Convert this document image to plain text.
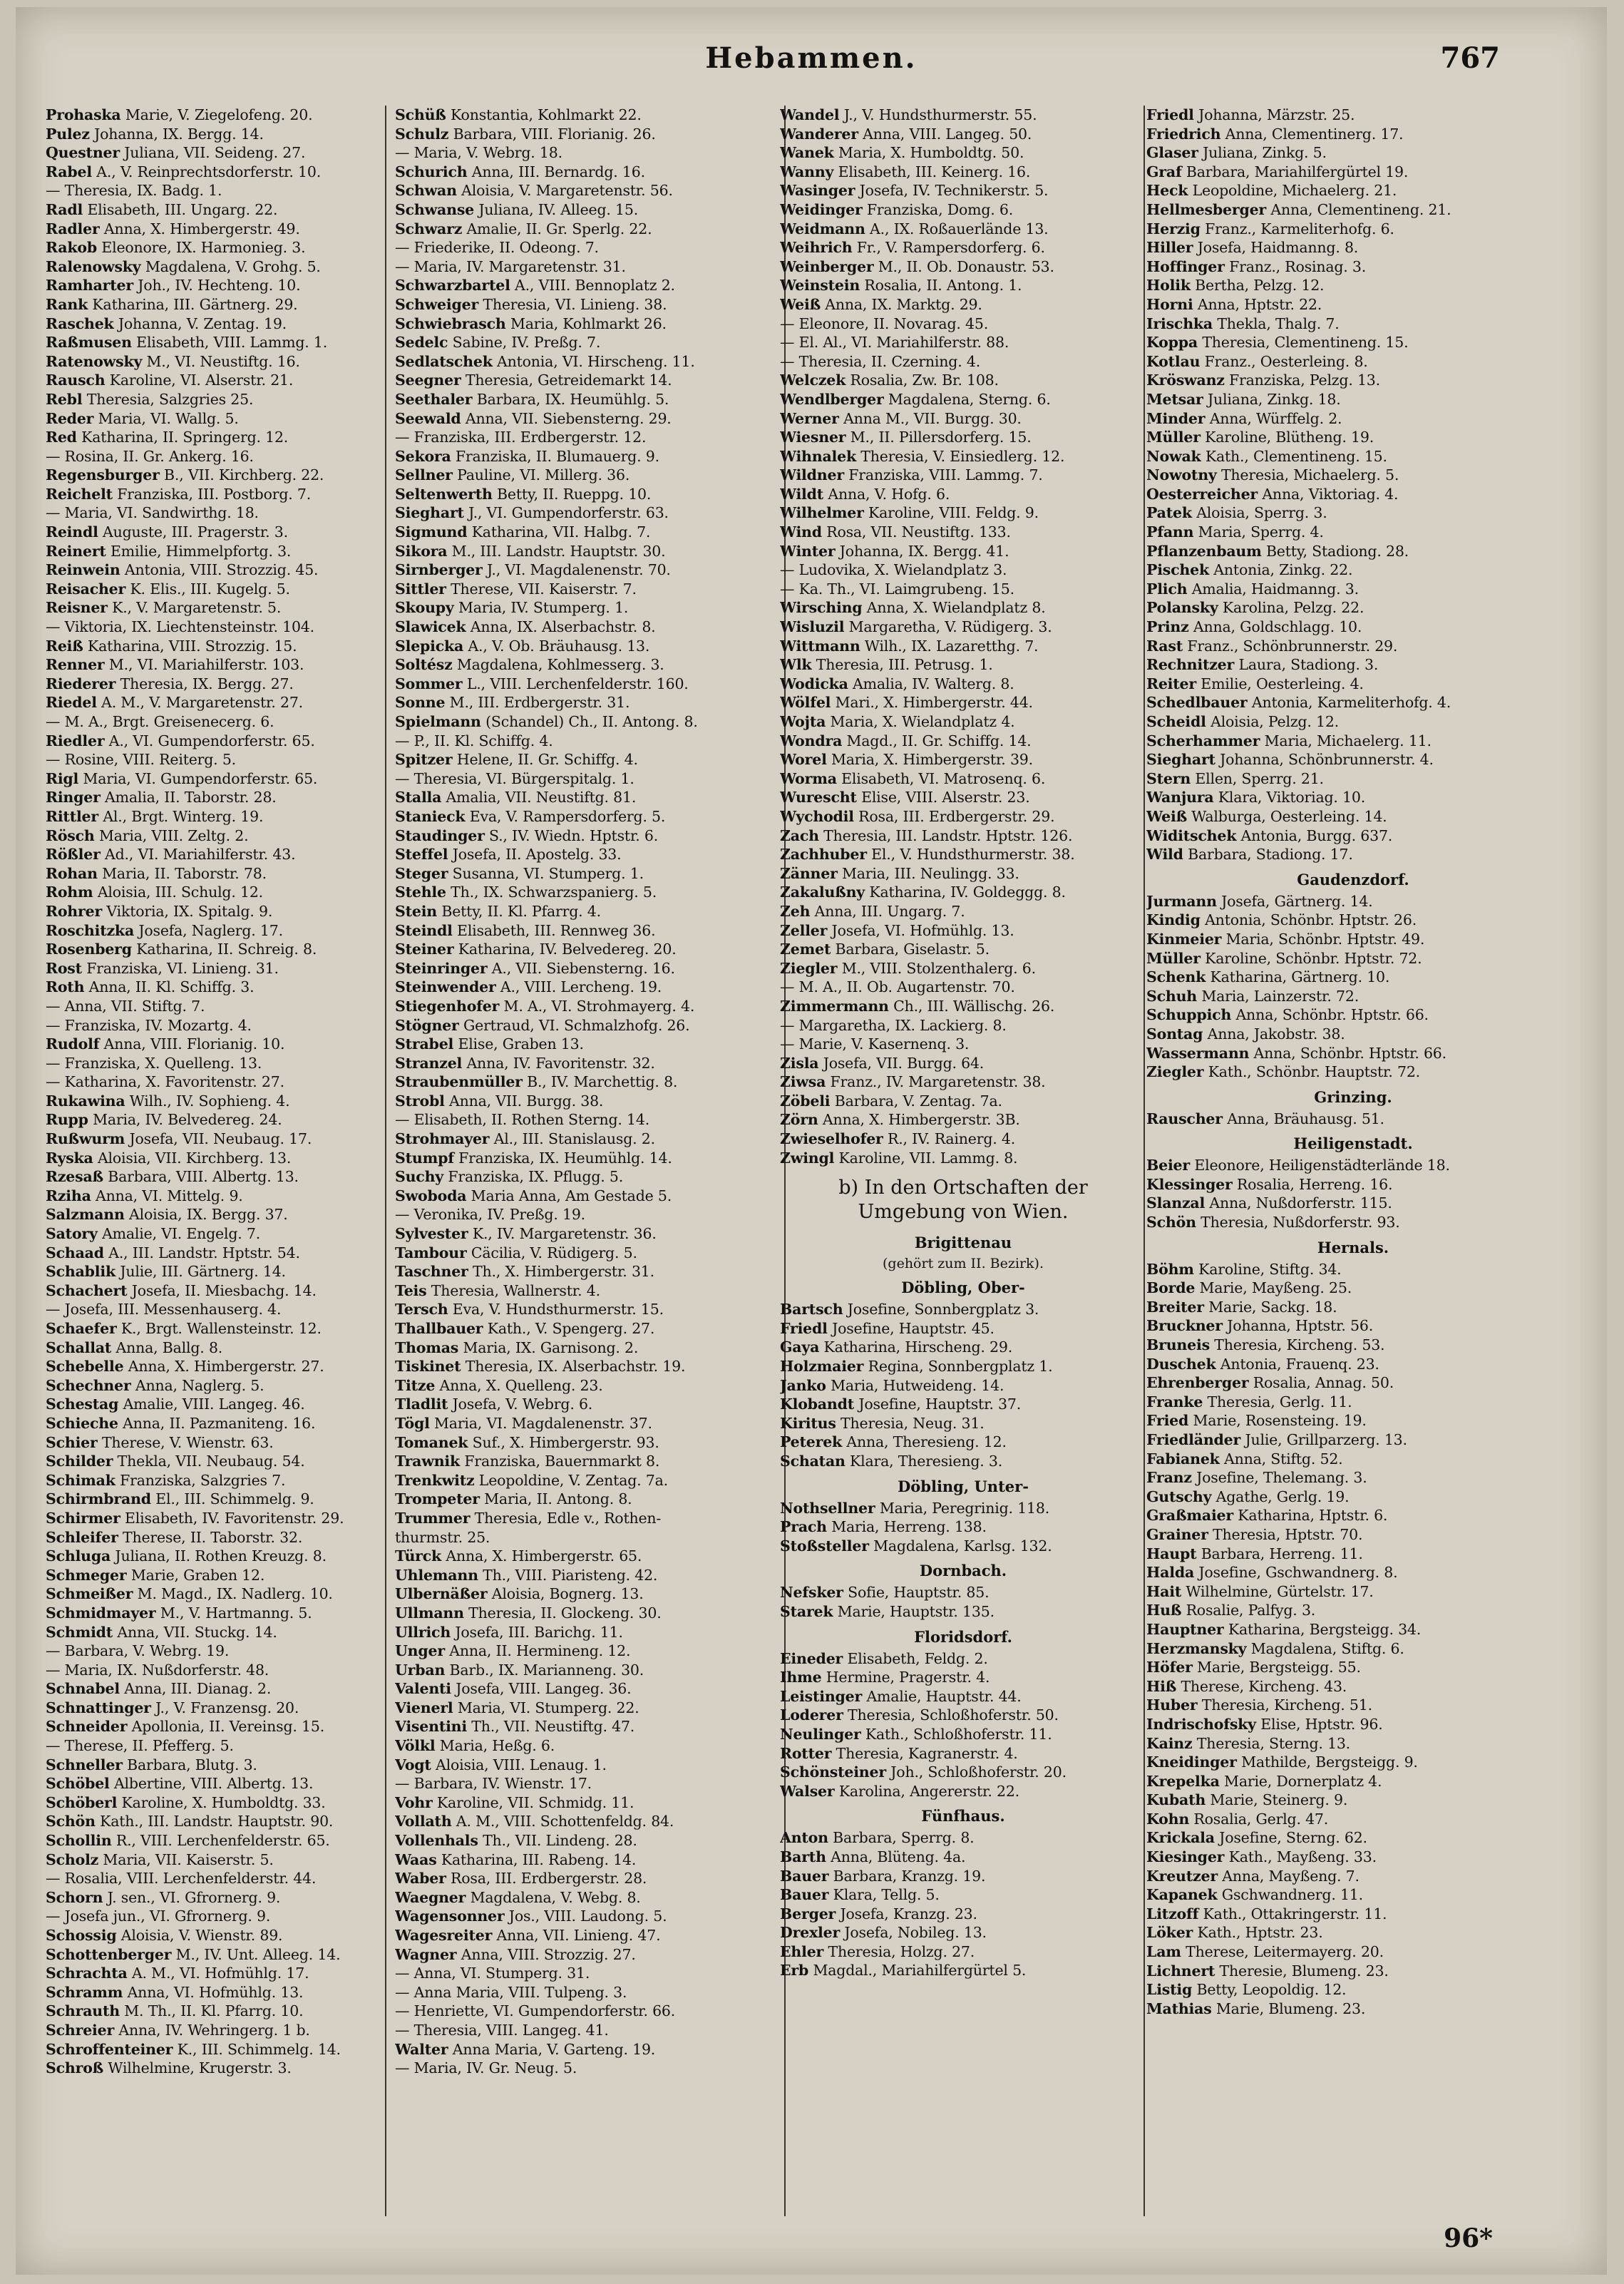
Hebammen.	767
Prohaska Marie, V. Ziegelofeng. 20.
Pulez Johanna, IX. Bergg. 14.
Questner Juliana, VII. Seideng. 27.
Rabel A., V. Reinprechtsdorferstr. 10.
— Theresia, IX. Badg. 1.
Radl Elisabeth, III. Ungarg. 22.
Radler Anna, X. Himbergerstr. 49.
Rakob Eleonore, IX. Harmonieg. 3.
Ralenowsky Magdalena, V. Grohg. 5.
Ramharter Joh., IV. Hechteng. 10.
Rank Katharina, III. Gärtnerg. 29.
Raschek Johanna, V. Zentag. 19.
Raßmusen Elisabeth, VIII. Lammg. 1.
Ratenowsky M., VI. Neustiftg. 16.
Rausch Karoline, VI. Alserstr. 21.
Rebl Theresia, Salzgries 25.
Reder Maria, VI. Wallg. 5.
Red Katharina, II. Springerg. 12.
— Rosina, II. Gr. Ankerg. 16.
Regensburger B., VII. Kirchberg. 22.
Reichelt Franziska, III. Postborg. 7.
— Maria, VI. Sandwirthg. 18.
Reindl Auguste, III. Pragerstr. 3.
Reinert Emilie, Himmelpfortg. 3.
Reinwein Antonia, VIII. Strozzig. 45.
Reisacher K. Elis., III. Kugelg. 5.
Reisner K., V. Margaretenstr. 5.
— Viktoria, IX. Liechtensteinstr. 104.
Reiß Katharina, VIII. Strozzig. 15.
Renner M., VI. Mariahilferstr. 103.
Riederer Theresia, IX. Bergg. 27.
Riedel A. M., V. Margaretenstr. 27.
— M. A., Brgt. Greisenecerg. 6.
Riedler A., VI. Gumpendorferstr. 65.
— Rosine, VIII. Reiterg. 5.
Rigl Maria, VI. Gumpendorferstr. 65.
Ringer Amalia, II. Taborstr. 28.
Rittler Al., Brgt. Winterg. 19.
Rösch Maria, VIII. Zeltg. 2.
Rößler Ad., VI. Mariahilferstr. 43.
Rohan Maria, II. Taborstr. 78.
Rohm Aloisia, III. Schulg. 12.
Rohrer Viktoria, IX. Spitalg. 9.
Roschitzka Josefa, Naglerg. 17.
Rosenberg Katharina, II. Schreig. 8.
Rost Franziska, VI. Linieng. 31.
Roth Anna, II. Kl. Schiffg. 3.
— Anna, VII. Stiftg. 7.
— Franziska, IV. Mozartg. 4.
Rudolf Anna, VIII. Florianig. 10.
— Franziska, X. Quelleng. 13.
— Katharina, X. Favoritenstr. 27.
Rukawina Wilh., IV. Sophieng. 4.
Rupp Maria, IV. Belvedereg. 24.
Rußwurm Josefa, VII. Neubaug. 17.
Ryska Aloisia, VII. Kirchberg. 13.
Rzesaß Barbara, VIII. Albertg. 13.
Rziha Anna, VI. Mittelg. 9.
Salzmann Aloisia, IX. Bergg. 37.
Satory Amalie, VI. Engelg. 7.
Schaad A., III. Landstr. Hptstr. 54.
Schablik Julie, III. Gärtnerg. 14.
Schachert Josefa, II. Miesbachg. 14.
— Josefa, III. Messenhauserg. 4.
Schaefer K., Brgt. Wallensteinstr. 12.
Schallat Anna, Ballg. 8.
Schebelle Anna, X. Himbergerstr. 27.
Schechner Anna, Naglerg. 5.
Schestag Amalie, VIII. Langeg. 46.
Schieche Anna, II. Pazmaniteng. 16.
Schier Therese, V. Wienstr. 63.
Schilder Thekla, VII. Neubaug. 54.
Schimak Franziska, Salzgries 7.
Schirmbrand El., III. Schimmelg. 9.
Schirmer Elisabeth, IV. Favoritenstr. 29.
Schleifer Therese, II. Taborstr. 32.
Schluga Juliana, II. Rothen Kreuzg. 8.
Schmeger Marie, Graben 12.
Schmeißer M. Magd., IX. Nadlerg. 10.
Schmidmayer M., V. Hartmanng. 5.
Schmidt Anna, VII. Stuckg. 14.
— Barbara, V. Webrg. 19.
— Maria, IX. Nußdorferstr. 48.
Schnabel Anna, III. Dianag. 2.
Schnattinger J., V. Franzensg. 20.
Schneider Apollonia, II. Vereinsg. 15.
— Therese, II. Pfefferg. 5.
Schneller Barbara, Blutg. 3.
Schöbel Albertine, VIII. Albertg. 13.
Schöberl Karoline, X. Humboldtg. 33.
Schön Kath., III. Landstr. Hauptstr. 90.
Schollin R., VIII. Lerchenfelderstr. 65.
Scholz Maria, VII. Kaiserstr. 5.
— Rosalia, VIII. Lerchenfelderstr. 44.
Schorn J. sen., VI. Gfrornerg. 9.
— Josefa jun., VI. Gfrornerg. 9.
Schossig Aloisia, V. Wienstr. 89.
Schottenberger M., IV. Unt. Alleeg. 14.
Schrachta A. M., VI. Hofmühlg. 17.
Schramm Anna, VI. Hofmühlg. 13.
Schrauth M. Th., II. Kl. Pfarrg. 10.
Schreier Anna, IV. Wehringerg. 1 b.
Schroffenteiner K., III. Schimmelg. 14.
Schroß Wilhelmine, Krugerstr. 3.
Schüß Konstantia, Kohlmarkt 22.
Schulz Barbara, VIII. Florianig. 26.
— Maria, V. Webrg. 18.
Schurich Anna, III. Bernardg. 16.
Schwan Aloisia, V. Margaretenstr. 56.
Schwanse Juliana, IV. Alleeg. 15.
Schwarz Amalie, II. Gr. Sperlg. 22.
— Friederike, II. Odeong. 7.
— Maria, IV. Margaretenstr. 31.
Schwarzbartel A., VIII. Bennoplatz 2.
Schweiger Theresia, VI. Linieng. 38.
Schwiebrasch Maria, Kohlmarkt 26.
Sedelc Sabine, IV. Preßg. 7.
Sedlatschek Antonia, VI. Hirscheng. 11.
Seegner Theresia, Getreidemarkt 14.
Seethaler Barbara, IX. Heumühlg. 5.
Seewald Anna, VII. Siebensterng. 29.
— Franziska, III. Erdbergerstr. 12.
Sekora Franziska, II. Blumauerg. 9.
Sellner Pauline, VI. Millerg. 36.
Seltenwerth Betty, II. Rueppg. 10.
Sieghart J., VI. Gumpendorferstr. 63.
Sigmund Katharina, VII. Halbg. 7.
Sikora M., III. Landstr. Hauptstr. 30.
Sirnberger J., VI. Magdalenenstr. 70.
Sittler Therese, VII. Kaiserstr. 7.
Skoupy Maria, IV. Stumperg. 1.
Slawicek Anna, IX. Alserbachstr. 8.
Slepicka A., V. Ob. Bräuhausg. 13.
Soltész Magdalena, Kohlmesserg. 3.
Sommer L., VIII. Lerchenfelderstr. 160.
Sonne M., III. Erdbergerstr. 31.
Spielmann (Schandel) Ch., II. Antong. 8.
— P., II. Kl. Schiffg. 4.
Spitzer Helene, II. Gr. Schiffg. 4.
— Theresia, VI. Bürgerspitalg. 1.
Stalla Amalia, VII. Neustiftg. 81.
Stanieck Eva, V. Rampersdorferg. 5.
Staudinger S., IV. Wiedn. Hptstr. 6.
Steffel Josefa, II. Apostelg. 33.
Steger Susanna, VI. Stumperg. 1.
Stehle Th., IX. Schwarzspanierg. 5.
Stein Betty, II. Kl. Pfarrg. 4.
Steindl Elisabeth, III. Rennweg 36.
Steiner Katharina, IV. Belvedereg. 20.
Steinringer A., VII. Siebensterng. 16.
Steinwender A., VIII. Lercheng. 19.
Stiegenhofer M. A., VI. Strohmayerg. 4.
Stögner Gertraud, VI. Schmalzhofg. 26.
Strabel Elise, Graben 13.
Stranzel Anna, IV. Favoritenstr. 32.
Straubenmüller B., IV. Marchettig. 8.
Strobl Anna, VII. Burgg. 38.
— Elisabeth, II. Rothen Sterng. 14.
Strohmayer Al., III. Stanislausg. 2.
Stumpf Franziska, IX. Heumühlg. 14.
Suchy Franziska, IX. Pflugg. 5.
Swoboda Maria Anna, Am Gestade 5.
— Veronika, IV. Preßg. 19.
Sylvester K., IV. Margaretenstr. 36.
Tambour Cäcilia, V. Rüdigerg. 5.
Taschner Th., X. Himbergerstr. 31.
Teis Theresia, Wallnerstr. 4.
Tersch Eva, V. Hundsthurmerstr. 15.
Thallbauer Kath., V. Spengerg. 27.
Thomas Maria, IX. Garnisong. 2.
Tiskinet Theresia, IX. Alserbachstr. 19.
Titze Anna, X. Quelleng. 23.
Tladlit Josefa, V. Webrg. 6.
Tögl Maria, VI. Magdalenenstr. 37.
Tomanek Suf., X. Himbergerstr. 93.
Trawnik Franziska, Bauernmarkt 8.
Trenkwitz Leopoldine, V. Zentag. 7a.
Trompeter Maria, II. Antong. 8.
Trummer Theresia, Edle v., Rothen-
thurmstr. 25.
Türck Anna, X. Himbergerstr. 65.
Uhlemann Th., VIII. Piaristeng. 42.
Ulbernäßer Aloisia, Bognerg. 13.
Ullmann Theresia, II. Glockeng. 30.
Ullrich Josefa, III. Barichg. 11.
Unger Anna, II. Hermineng. 12.
Urban Barb., IX. Marianneng. 30.
Valenti Josefa, VIII. Langeg. 36.
Vienerl Maria, VI. Stumperg. 22.
Visentini Th., VII. Neustiftg. 47.
Völkl Maria, Heßg. 6.
Vogt Aloisia, VIII. Lenaug. 1.
— Barbara, IV. Wienstr. 17.
Vohr Karoline, VII. Schmidg. 11.
Vollath A. M., VIII. Schottenfeldg. 84.
Vollenhals Th., VII. Lindeng. 28.
Waas Katharina, III. Rabeng. 14.
Waber Rosa, III. Erdbergerstr. 28.
Waegner Magdalena, V. Webg. 8.
Wagensonner Jos., VIII. Laudong. 5.
Wagesreiter Anna, VII. Linieng. 47.
Wagner Anna, VIII. Strozzig. 27.
— Anna, VI. Stumperg. 31.
— Anna Maria, VIII. Tulpeng. 3.
— Henriette, VI. Gumpendorferstr. 66.
— Theresia, VIII. Langeg. 41.
Walter Anna Maria, V. Garteng. 19.
— Maria, IV. Gr. Neug. 5.
Wandel J., V. Hundsthurmerstr. 55.
Wanderer Anna, VIII. Langeg. 50.
Wanek Maria, X. Humboldtg. 50.
Wanny Elisabeth, III. Keinerg. 16.
Wasinger Josefa, IV. Technikerstr. 5.
Weidinger Franziska, Domg. 6.
Weidmann A., IX. Roßauerlände 13.
Weihrich Fr., V. Rampersdorferg. 6.
Weinberger M., II. Ob. Donaustr. 53.
Weinstein Rosalia, II. Antong. 1.
Weiß Anna, IX. Marktg. 29.
— Eleonore, II. Novarag. 45.
— El. Al., VI. Mariahilferstr. 88.
— Theresia, II. Czerning. 4.
Welczek Rosalia, Zw. Br. 108.
Wendlberger Magdalena, Sterng. 6.
Werner Anna M., VII. Burgg. 30.
Wiesner M., II. Pillersdorferg. 15.
Wihnalek Theresia, V. Einsiedlerg. 12.
Wildner Franziska, VIII. Lammg. 7.
Wildt Anna, V. Hofg. 6.
Wilhelmer Karoline, VIII. Feldg. 9.
Wind Rosa, VII. Neustiftg. 133.
Winter Johanna, IX. Bergg. 41.
— Ludovika, X. Wielandplatz 3.
— Ka. Th., VI. Laimgrubeng. 15.
Wirsching Anna, X. Wielandplatz 8.
Wisluzil Margaretha, V. Rüdigerg. 3.
Wittmann Wilh., IX. Lazaretthg. 7.
Wlk Theresia, III. Petrusg. 1.
Wodicka Amalia, IV. Walterg. 8.
Wölfel Mari., X. Himbergerstr. 44.
Wojta Maria, X. Wielandplatz 4.
Wondra Magd., II. Gr. Schiffg. 14.
Worel Maria, X. Himbergerstr. 39.
Worma Elisabeth, VI. Matrosenq. 6.
Wurescht Elise, VIII. Alserstr. 23.
Wychodil Rosa, III. Erdbergerstr. 29.
Zach Theresia, III. Landstr. Hptstr. 126.
Zachhuber El., V. Hundsthurmerstr. 38.
Zänner Maria, III. Neulingg. 33.
Zakalußny Katharina, IV. Goldeggg. 8.
Zeh Anna, III. Ungarg. 7.
Zeller Josefa, VI. Hofmühlg. 13.
Zemet Barbara, Giselastr. 5.
Ziegler M., VIII. Stolzenthalerg. 6.
— M. A., II. Ob. Augartenstr. 70.
Zimmermann Ch., III. Wällischg. 26.
— Margaretha, IX. Lackierg. 8.
— Marie, V. Kasernenq. 3.
Zisla Josefa, VII. Burgg. 64.
Ziwsa Franz., IV. Margaretenstr. 38.
Zöbeli Barbara, V. Zentag. 7a.
Zörn Anna, X. Himbergerstr. 3B.
Zwieselhofer R., IV. Rainerg. 4.
Zwingl Karoline, VII. Lammg. 8.
b) In den Ortschaften der
Umgebung von Wien.
Brigittenau
(gehört zum II. Bezirk).
Döbling, Ober-
Bartsch Josefine, Sonnbergplatz 3.
Friedl Josefine, Hauptstr. 45.
Gaya Katharina, Hirscheng. 29.
Holzmaier Regina, Sonnbergplatz 1.
Janko Maria, Hutweideng. 14.
Klobandt Josefine, Hauptstr. 37.
Kiritus Theresia, Neug. 31.
Peterek Anna, Theresieng. 12.
Schatan Klara, Theresieng. 3.
Döbling, Unter-
Nothsellner Maria, Peregrinig. 118.
Prach Maria, Herreng. 138.
Stoßsteller Magdalena, Karlsg. 132.
Dornbach.
Nefsker Sofie, Hauptstr. 85.
Starek Marie, Hauptstr. 135.
Floridsdorf.
Eineder Elisabeth, Feldg. 2.
Ihme Hermine, Pragerstr. 4.
Leistinger Amalie, Hauptstr. 44.
Loderer Theresia, Schloßhoferstr. 50.
Neulinger Kath., Schloßhoferstr. 11.
Rotter Theresia, Kagranerstr. 4.
Schönsteiner Joh., Schloßhoferstr. 20.
Walser Karolina, Angererstr. 22.
Fünfhaus.
Anton Barbara, Sperrg. 8.
Barth Anna, Blüteng. 4a.
Bauer Barbara, Kranzg. 19.
Bauer Klara, Tellg. 5.
Berger Josefa, Kranzg. 23.
Drexler Josefa, Nobileg. 13.
Ehler Theresia, Holzg. 27.
Erb Magdal., Mariahilfergürtel 5.
Friedl Johanna, Märzstr. 25.
Friedrich Anna, Clementinerg. 17.
Glaser Juliana, Zinkg. 5.
Graf Barbara, Mariahilfergürtel 19.
Heck Leopoldine, Michaelerg. 21.
Hellmesberger Anna, Clementineng. 21.
Herzig Franz., Karmeliterhofg. 6.
Hiller Josefa, Haidmanng. 8.
Hoffinger Franz., Rosinag. 3.
Holik Bertha, Pelzg. 12.
Horni Anna, Hptstr. 22.
Irischka Thekla, Thalg. 7.
Koppa Theresia, Clementineng. 15.
Kotlau Franz., Oesterleing. 8.
Kröswanz Franziska, Pelzg. 13.
Metsar Juliana, Zinkg. 18.
Minder Anna, Würffelg. 2.
Müller Karoline, Blütheng. 19.
Nowak Kath., Clementineng. 15.
Nowotny Theresia, Michaelerg. 5.
Oesterreicher Anna, Viktoriag. 4.
Patek Aloisia, Sperrg. 3.
Pfann Maria, Sperrg. 4.
Pflanzenbaum Betty, Stadiong. 28.
Pischek Antonia, Zinkg. 22.
Plich Amalia, Haidmanng. 3.
Polansky Karolina, Pelzg. 22.
Prinz Anna, Goldschlagg. 10.
Rast Franz., Schönbrunnerstr. 29.
Rechnitzer Laura, Stadiong. 3.
Reiter Emilie, Oesterleing. 4.
Schedlbauer Antonia, Karmeliterhofg. 4.
Scheidl Aloisia, Pelzg. 12.
Scherhammer Maria, Michaelerg. 11.
Sieghart Johanna, Schönbrunnerstr. 4.
Stern Ellen, Sperrg. 21.
Wanjura Klara, Viktoriag. 10.
Weiß Walburga, Oesterleing. 14.
Widitschek Antonia, Burgg. 637.
Wild Barbara, Stadiong. 17.
Gaudenzdorf.
Jurmann Josefa, Gärtnerg. 14.
Kindig Antonia, Schönbr. Hptstr. 26.
Kinmeier Maria, Schönbr. Hptstr. 49.
Müller Karoline, Schönbr. Hptstr. 72.
Schenk Katharina, Gärtnerg. 10.
Schuh Maria, Lainzerstr. 72.
Schuppich Anna, Schönbr. Hptstr. 66.
Sontag Anna, Jakobstr. 38.
Wassermann Anna, Schönbr. Hptstr. 66.
Ziegler Kath., Schönbr. Hauptstr. 72.
Grinzing.
Rauscher Anna, Bräuhausg. 51.
Heiligenstadt.
Beier Eleonore, Heiligenstädterlände 18.
Klessinger Rosalia, Herreng. 16.
Slanzal Anna, Nußdorferstr. 115.
Schön Theresia, Nußdorferstr. 93.
Hernals.
Böhm Karoline, Stiftg. 34.
Borde Marie, Mayßeng. 25.
Breiter Marie, Sackg. 18.
Bruckner Johanna, Hptstr. 56.
Bruneis Theresia, Kircheng. 53.
Duschek Antonia, Frauenq. 23.
Ehrenberger Rosalia, Annag. 50.
Franke Theresia, Gerlg. 11.
Fried Marie, Rosensteing. 19.
Friedländer Julie, Grillparzerg. 13.
Fabianek Anna, Stiftg. 52.
Franz Josefine, Thelemang. 3.
Gutschy Agathe, Gerlg. 19.
Graßmaier Katharina, Hptstr. 6.
Grainer Theresia, Hptstr. 70.
Haupt Barbara, Herreng. 11.
Halda Josefine, Gschwandnerg. 8.
Hait Wilhelmine, Gürtelstr. 17.
Huß Rosalie, Palfyg. 3.
Hauptner Katharina, Bergsteigg. 34.
Herzmansky Magdalena, Stiftg. 6.
Höfer Marie, Bergsteigg. 55.
Hiß Therese, Kircheng. 43.
Huber Theresia, Kircheng. 51.
Indrischofsky Elise, Hptstr. 96.
Kainz Theresia, Sterng. 13.
Kneidinger Mathilde, Bergsteigg. 9.
Krepelka Marie, Dornerplatz 4.
Kubath Marie, Steinerg. 9.
Kohn Rosalia, Gerlg. 47.
Krickala Josefine, Sterng. 62.
Kiesinger Kath., Mayßeng. 33.
Kreutzer Anna, Mayßeng. 7.
Kapanek Gschwandnerg. 11.
Litzoff Kath., Ottakringerstr. 11.
Löker Kath., Hptstr. 23.
Lam Therese, Leitermayerg. 20.
Lichnert Theresie, Blumeng. 23.
Listig Betty, Leopoldig. 12.
Mathias Marie, Blumeng. 23.
96*
